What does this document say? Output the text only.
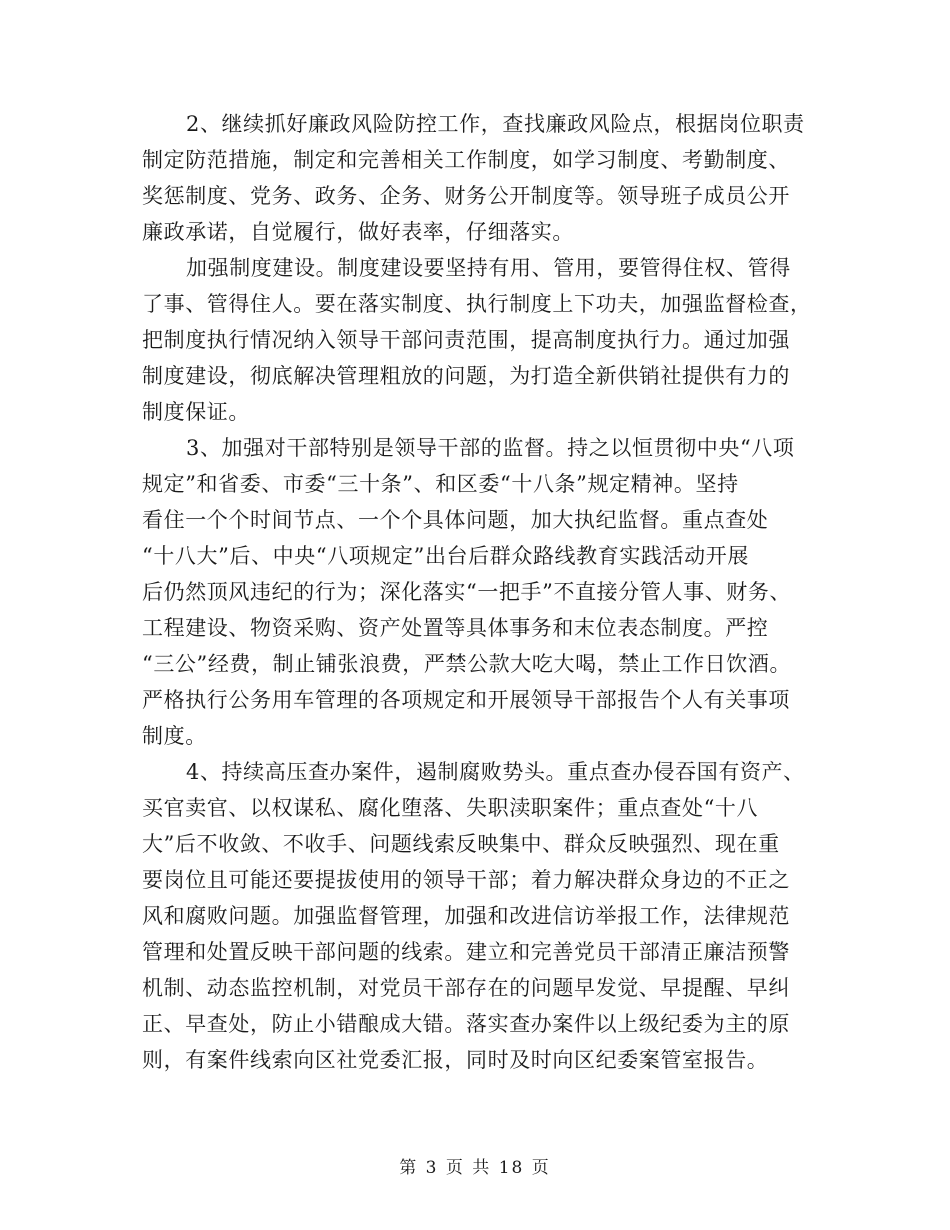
2、继续抓好廉政风险防控工作，查找廉政风险点，根据岗位职责
制定防范措施，制定和完善相关工作制度，如学习制度、考勤制度、
奖惩制度、党务、政务、企务、财务公开制度等。领导班子成员公开
廉政承诺，自觉履行，做好表率，仔细落实。
加强制度建设。制度建设要坚持有用、管用，要管得住权、管得
了事、管得住人。要在落实制度、执行制度上下功夫，加强监督检查，
把制度执行情况纳入领导干部问责范围，提高制度执行力。通过加强
制度建设，彻底解决管理粗放的问题，为打造全新供销社提供有力的
制度保证。
3、加强对干部特别是领导干部的监督。持之以恒贯彻中央“八项
规定”和省委、市委“三十条”、和区委“十八条”规定精神。坚持
看住一个个时间节点、一个个具体问题，加大执纪监督。重点查处
“十八大”后、中央“八项规定”出台后群众路线教育实践活动开展
后仍然顶风违纪的行为；深化落实“一把手”不直接分管人事、财务、
工程建设、物资采购、资产处置等具体事务和末位表态制度。严控
“三公”经费，制止铺张浪费，严禁公款大吃大喝，禁止工作日饮酒。
严格执行公务用车管理的各项规定和开展领导干部报告个人有关事项
制度。
4、持续高压查办案件，遏制腐败势头。重点查办侵吞国有资产、
买官卖官、以权谋私、腐化堕落、失职渎职案件；重点查处“十八
大”后不收敛、不收手、问题线索反映集中、群众反映强烈、现在重
要岗位且可能还要提拔使用的领导干部；着力解决群众身边的不正之
风和腐败问题。加强监督管理，加强和改进信访举报工作，法律规范
管理和处置反映干部问题的线索。建立和完善党员干部清正廉洁预警
机制、动态监控机制，对党员干部存在的问题早发觉、早提醒、早纠
正、早查处，防止小错酿成大错。落实查办案件以上级纪委为主的原
则，有案件线索向区社党委汇报，同时及时向区纪委案管室报告。
第 3 页 共 18 页
